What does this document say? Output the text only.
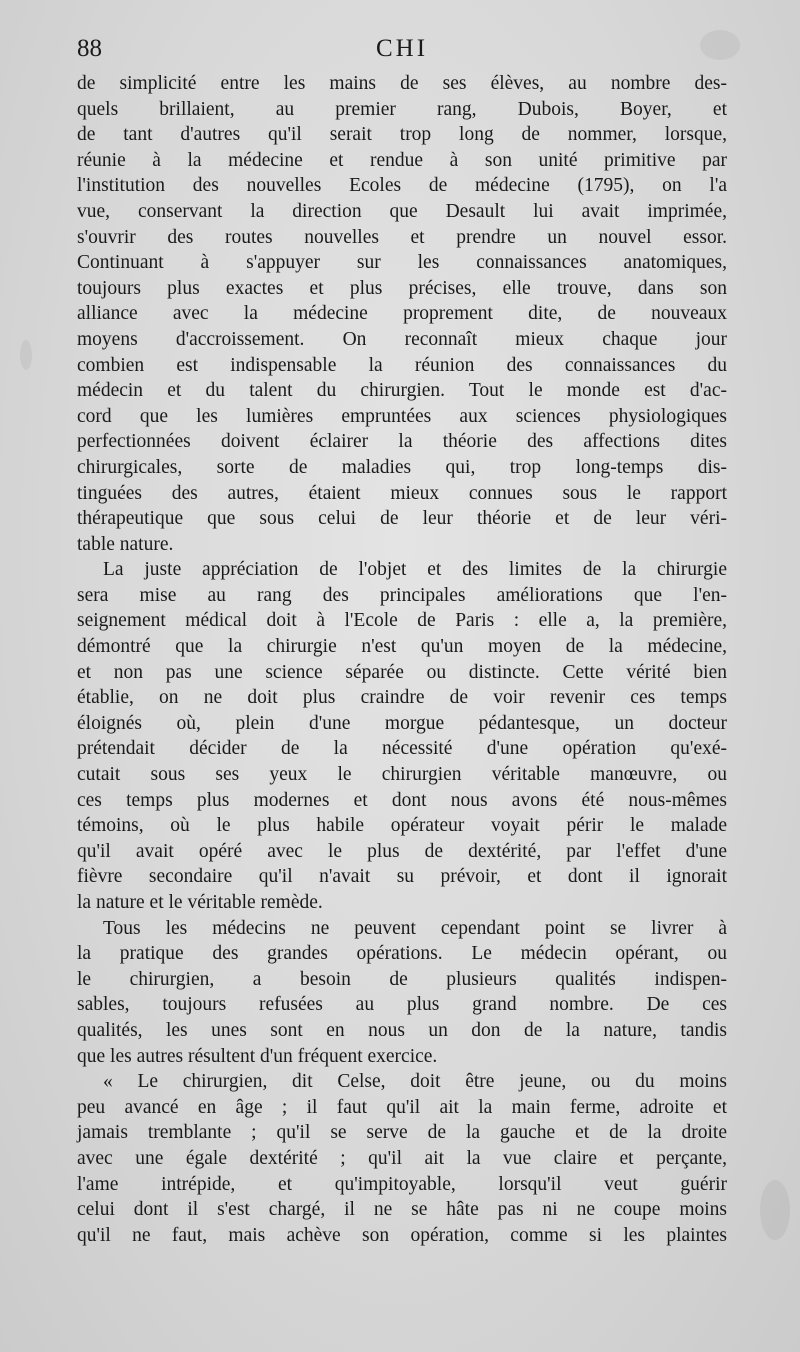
88	CHI
de simplicité entre les mains de ses élèves, au nombre des-
quels brillaient, au premier rang, Dubois, Boyer, et
de tant d'autres qu'il serait trop long de nommer, lorsque,
réunie à la médecine et rendue à son unité primitive par
l'institution des nouvelles Ecoles de médecine (1795), on l'a
vue, conservant la direction que Desault lui avait imprimée,
s'ouvrir des routes nouvelles et prendre un nouvel essor.
Continuant à s'appuyer sur les connaissances anatomiques,
toujours plus exactes et plus précises, elle trouve, dans son
alliance avec la médecine proprement dite, de nouveaux
moyens d'accroissement. On reconnaît mieux chaque jour
combien est indispensable la réunion des connaissances du
médecin et du talent du chirurgien. Tout le monde est d'ac-
cord que les lumières empruntées aux sciences physiologiques
perfectionnées doivent éclairer la théorie des affections dites
chirurgicales, sorte de maladies qui, trop long-temps dis-
tinguées des autres, étaient mieux connues sous le rapport
thérapeutique que sous celui de leur théorie et de leur véri-
table nature.
La juste appréciation de l'objet et des limites de la chirurgie
sera mise au rang des principales améliorations que l'en-
seignement médical doit à l'Ecole de Paris : elle a, la première,
démontré que la chirurgie n'est qu'un moyen de la médecine,
et non pas une science séparée ou distincte. Cette vérité bien
établie, on ne doit plus craindre de voir revenir ces temps
éloignés où, plein d'une morgue pédantesque, un docteur
prétendait décider de la nécessité d'une opération qu'exé-
cutait sous ses yeux le chirurgien véritable manœuvre, ou
ces temps plus modernes et dont nous avons été nous-mêmes
témoins, où le plus habile opérateur voyait périr le malade
qu'il avait opéré avec le plus de dextérité, par l'effet d'une
fièvre secondaire qu'il n'avait su prévoir, et dont il ignorait
la nature et le véritable remède.
Tous les médecins ne peuvent cependant point se livrer à
la pratique des grandes opérations. Le médecin opérant, ou
le chirurgien, a besoin de plusieurs qualités indispen-
sables, toujours refusées au plus grand nombre. De ces
qualités, les unes sont en nous un don de la nature, tandis
que les autres résultent d'un fréquent exercice.
« Le chirurgien, dit Celse, doit être jeune, ou du moins
peu avancé en âge ; il faut qu'il ait la main ferme, adroite et
jamais tremblante ; qu'il se serve de la gauche et de la droite
avec une égale dextérité ; qu'il ait la vue claire et perçante,
l'ame intrépide, et qu'impitoyable, lorsqu'il veut guérir
celui dont il s'est chargé, il ne se hâte pas ni ne coupe moins
qu'il ne faut, mais achève son opération, comme si les plaintes
